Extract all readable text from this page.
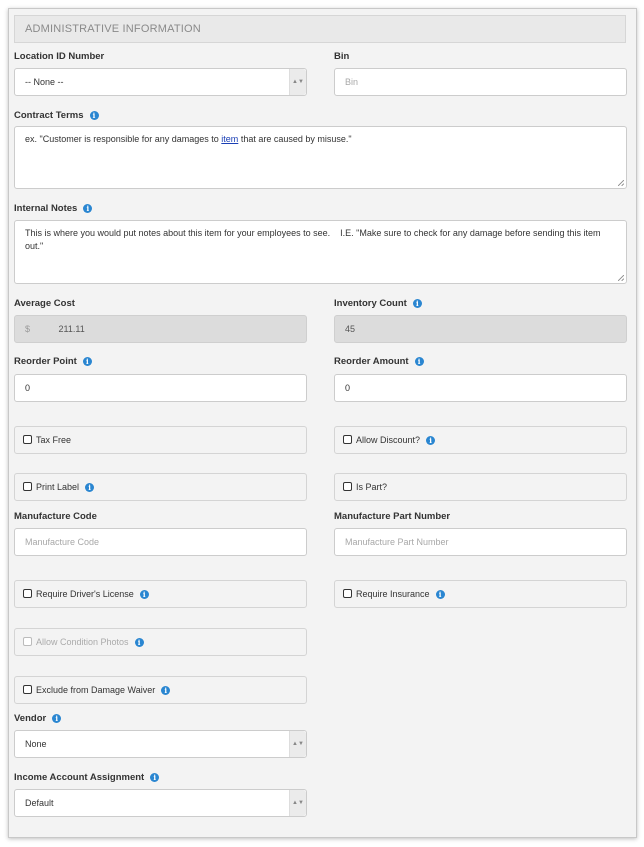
ADMINISTRATIVE INFORMATION
Location ID Number
-- None --	▲▼
Bin
Bin
Contract Terms i
ex. "Customer is responsible for any damages to item that are caused by misuse."
Internal Notes i
This is where you would put notes about this item for your employees to see.    I.E. "Make sure to check for any damage before sending this item out."
Average Cost
$	211.11
Inventory Count i
45
Reorder Point i
0
Reorder Amount i
0
Tax Free	Allow Discount? i
Print Label i	Is Part?
Manufacture Code
Manufacture Code
Manufacture Part Number
Manufacture Part Number
Require Driver's License i	Require Insurance i
Allow Condition Photos i
Exclude from Damage Waiver i
Vendor i
None	▲▼
Income Account Assignment i
Default	▲▼
